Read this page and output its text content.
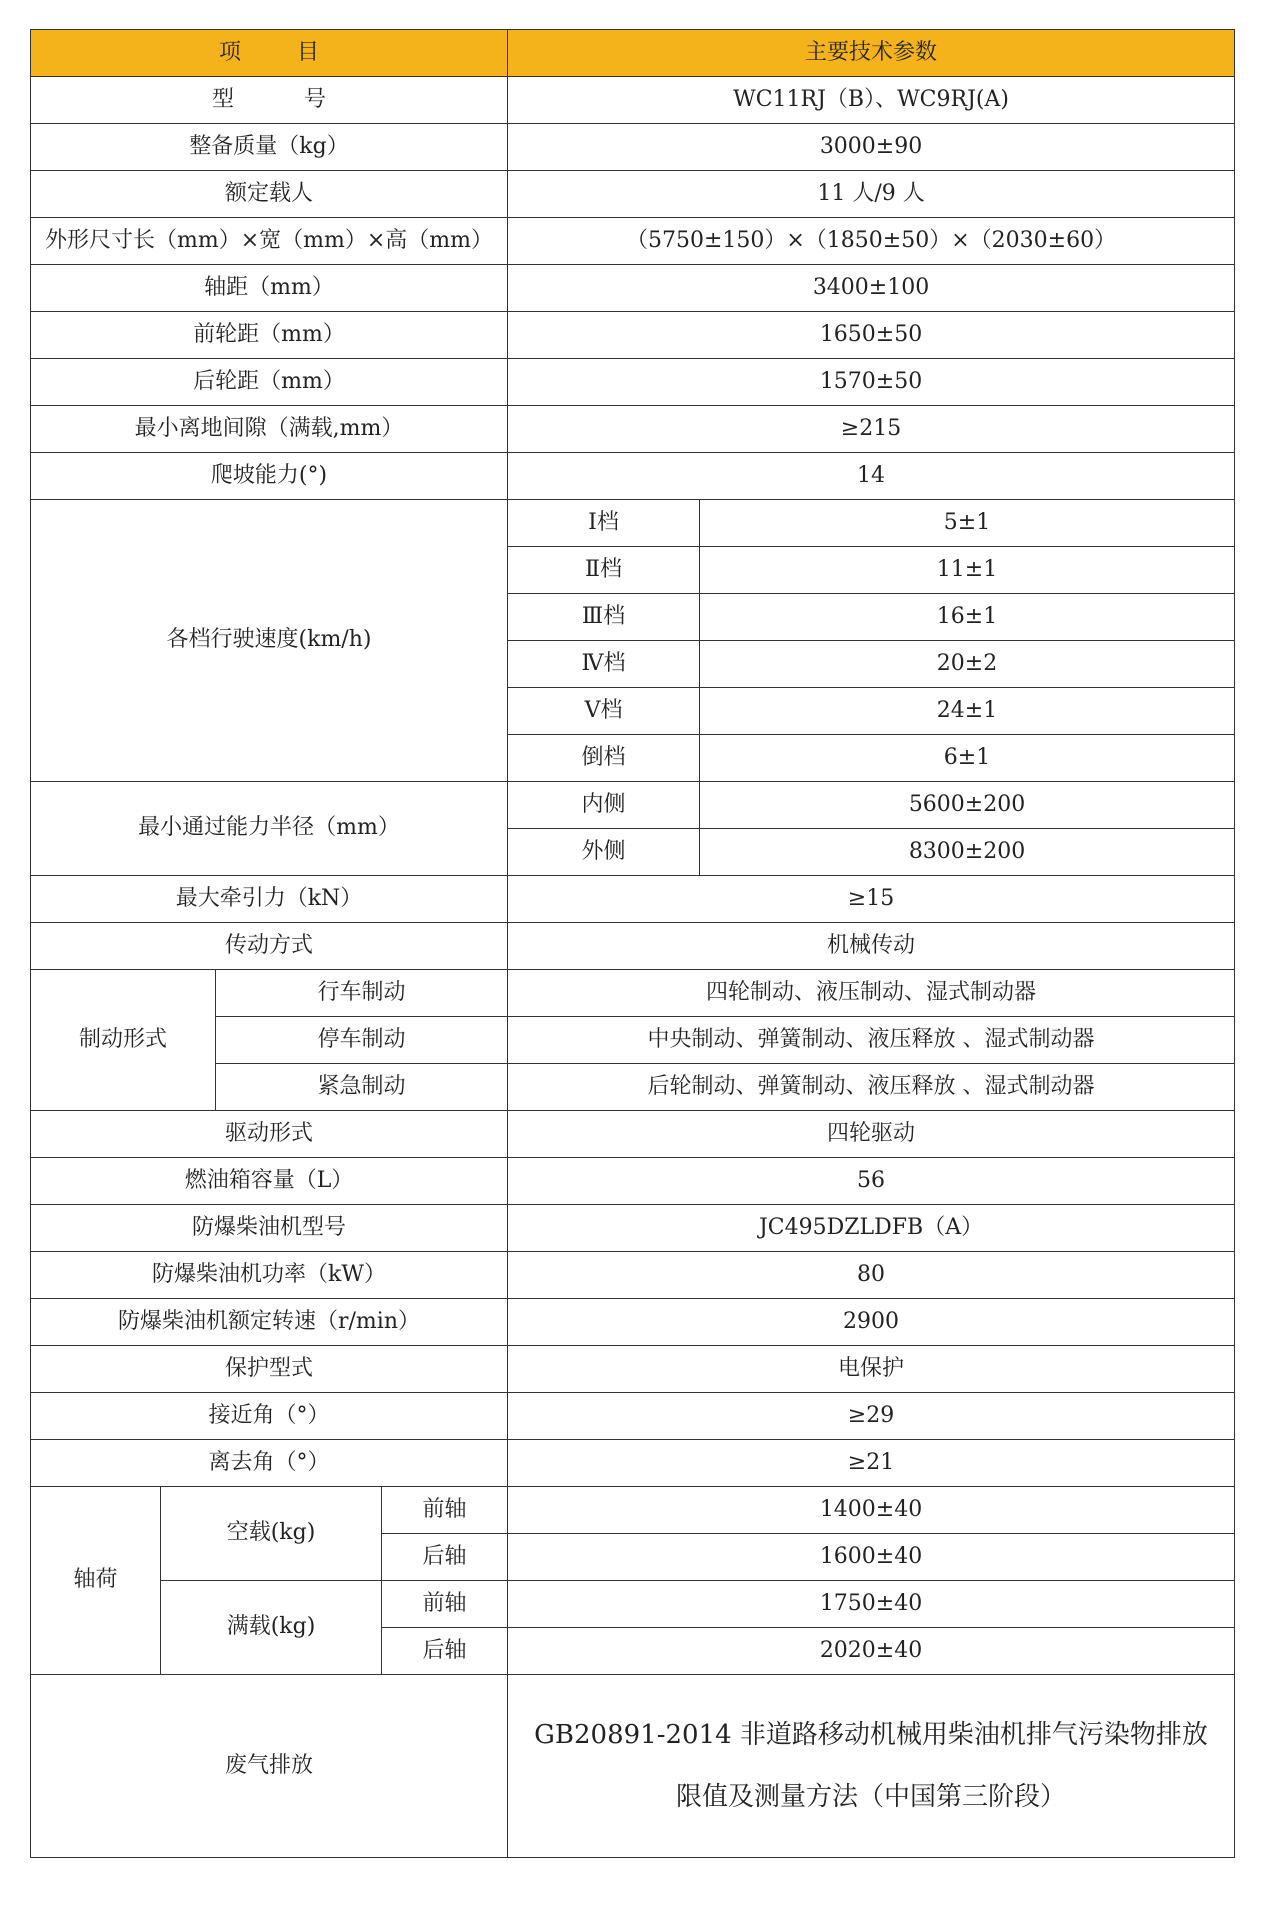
项        目				主要技术参数	
型          号				WC11RJ（B）、WC9RJ(A)	
整备质量（kg）				3000±90	
额定载人				11 人/9 人	
外形尺寸长（mm）×宽（mm）×高（mm）				（5750±150）×（1850±50）×（2030±60）	
轴距（mm）				3400±100	
前轮距（mm）				1650±50	
后轮距（mm）				1570±50	
最小离地间隙（满载,mm）				≥215	
爬坡能力(°)				14	
各档行驶速度(km/h)				Ⅰ档	5±1
				Ⅱ档	11±1
				Ⅲ档	16±1
				Ⅳ档	20±2
				Ⅴ档	24±1
				倒档	6±1
最小通过能力半径（mm）				内侧	5600±200
				外侧	8300±200
最大牵引力（kN）				≥15	
传动方式				机械传动	
制动形式		行车制动		四轮制动、液压制动、湿式制动器	
		停车制动		中央制动、弹簧制动、液压释放 、湿式制动器	
		紧急制动		后轮制动、弹簧制动、液压释放 、湿式制动器	
驱动形式				四轮驱动	
燃油箱容量（L）				56	
防爆柴油机型号				JC495DZLDFB（A）	
防爆柴油机功率（kW）				80	
防爆柴油机额定转速（r/min）				2900	
保护型式				电保护	
接近角（°）				≥29	
离去角（°）				≥21	
轴荷	空载(kg)		前轴	1400±40	
			后轴	1600±40	
	满载(kg)		前轴	1750±40	
			后轴	2020±40	
废气排放				GB20891-2014 非道路移动机械用柴油机排气污染物排放
限值及测量方法（中国第三阶段）	
